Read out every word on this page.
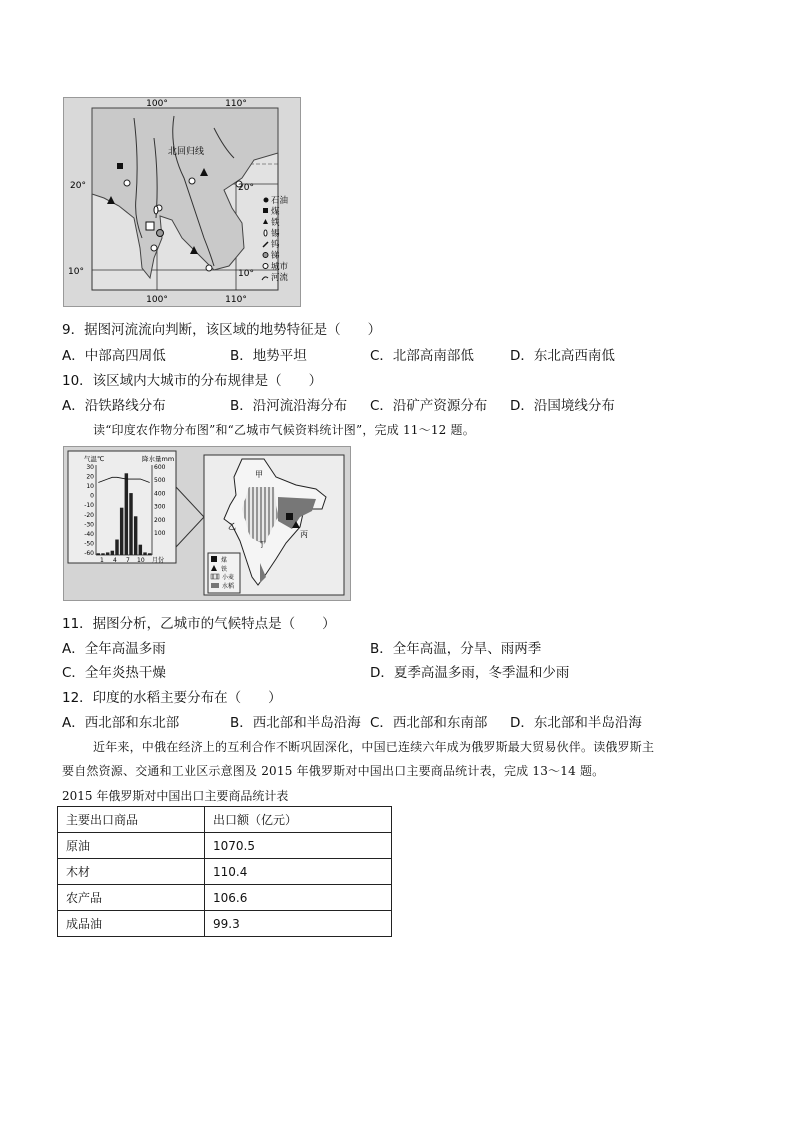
100°	110°
100°	110°
20°
10°
20°
10°
北回归线
石油
煤
铁
锡
钨
锑
城市
河流
9．据图河流流向判断，该区域的地势特征是（　　）
A．中部高四周低	B．地势平坦	C．北部高南部低	D．东北高西南低
10．该区域内大城市的分布规律是（　　）
A．沿铁路线分布	B．沿河流沿海分布 C．沿矿产资源分布 D．沿国境线分布
读“印度农作物分布图”和“乙城市气候资料统计图”，完成 11～12 题。
气温℃	降水量mm
30
20
10
0
-10
-20
-30
-40
-50
-60
600
500
400
300
200
100
1 4 7 10 月份
甲
乙
丙
丁
煤
铁
小麦
水稻
11．据图分析，乙城市的气候特点是（　　）
A．全年高温多雨	B．全年高温，分旱、雨两季
C．全年炎热干燥	D．夏季高温多雨，冬季温和少雨
12．印度的水稻主要分布在（　　）
A．西北部和东北部	B．西北部和半岛沿海 C．西北部和东南部 D．东北部和半岛沿海
近年来，中俄在经济上的互利合作不断巩固深化，中国已连续六年成为俄罗斯最大贸易伙伴。读俄罗斯主
要自然资源、交通和工业区示意图及 2015 年俄罗斯对中国出口主要商品统计表，完成 13～14 题。
2015 年俄罗斯对中国出口主要商品统计表
主要出口商品	出口额（亿元）
原油	1070.5
木材	110.4
农产品	106.6
成品油	99.3
